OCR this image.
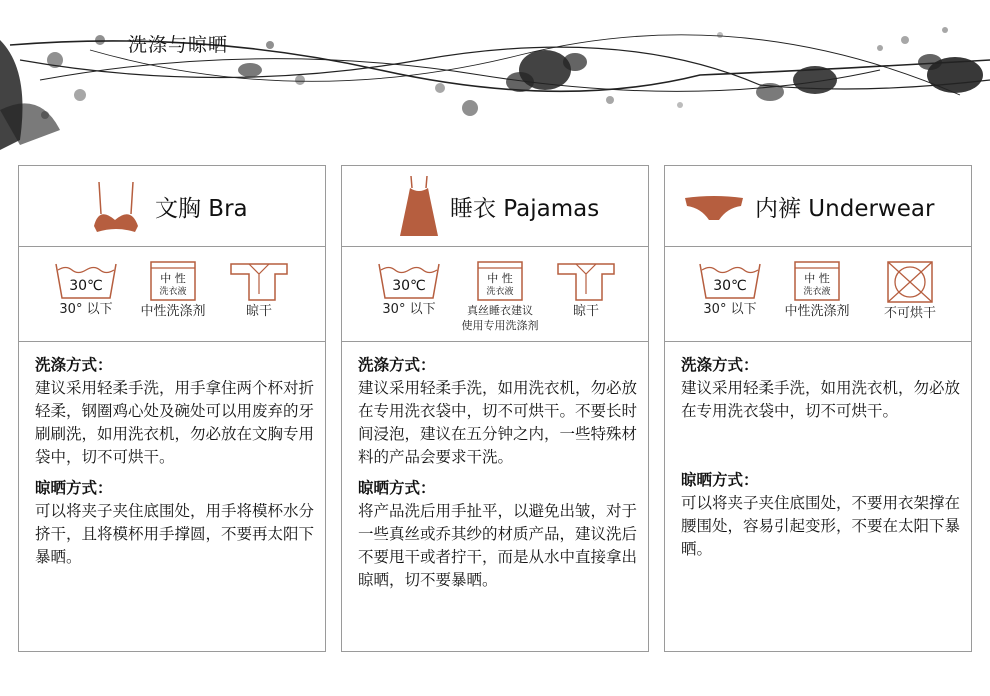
洗涤与晾晒
文胸 Bra
30℃
30° 以下
中 性
洗衣液
中性洗涤剂	晾干

洗涤方式：

建议采用轻柔手洗，用手拿住两个杯对折轻柔，钢圈鸡心处及碗处可以用废弃的牙刷刷洗，如用洗衣机，勿必放在文胸专用袋中，切不可烘干。

晾晒方式：

可以将夹子夹住底围处，用手将模杯水分挤干，且将模杯用手撑圆，不要再太阳下暴晒。

睡衣 Pajamas
30℃
30° 以下
中 性
洗衣液
真丝睡衣建议
使用专用洗涤剂
晾干

洗涤方式：

建议采用轻柔手洗，如用洗衣机，勿必放在专用洗衣袋中，切不可烘干。不要长时间浸泡，建议在五分钟之内，一些特殊材料的产品会要求干洗。

晾晒方式：

将产品洗后用手扯平，以避免出皱，对于一些真丝或乔其纱的材质产品，建议洗后不要甩干或者拧干，而是从水中直接拿出晾晒，切不要暴晒。

内裤 Underwear
30℃
30° 以下
中 性
洗衣液
中性洗涤剂	不可烘干

洗涤方式：

建议采用轻柔手洗，如用洗衣机，勿必放在专用洗衣袋中，切不可烘干。

晾晒方式：

可以将夹子夹住底围处，不要用衣架撑在腰围处，容易引起变形，不要在太阳下暴晒。
